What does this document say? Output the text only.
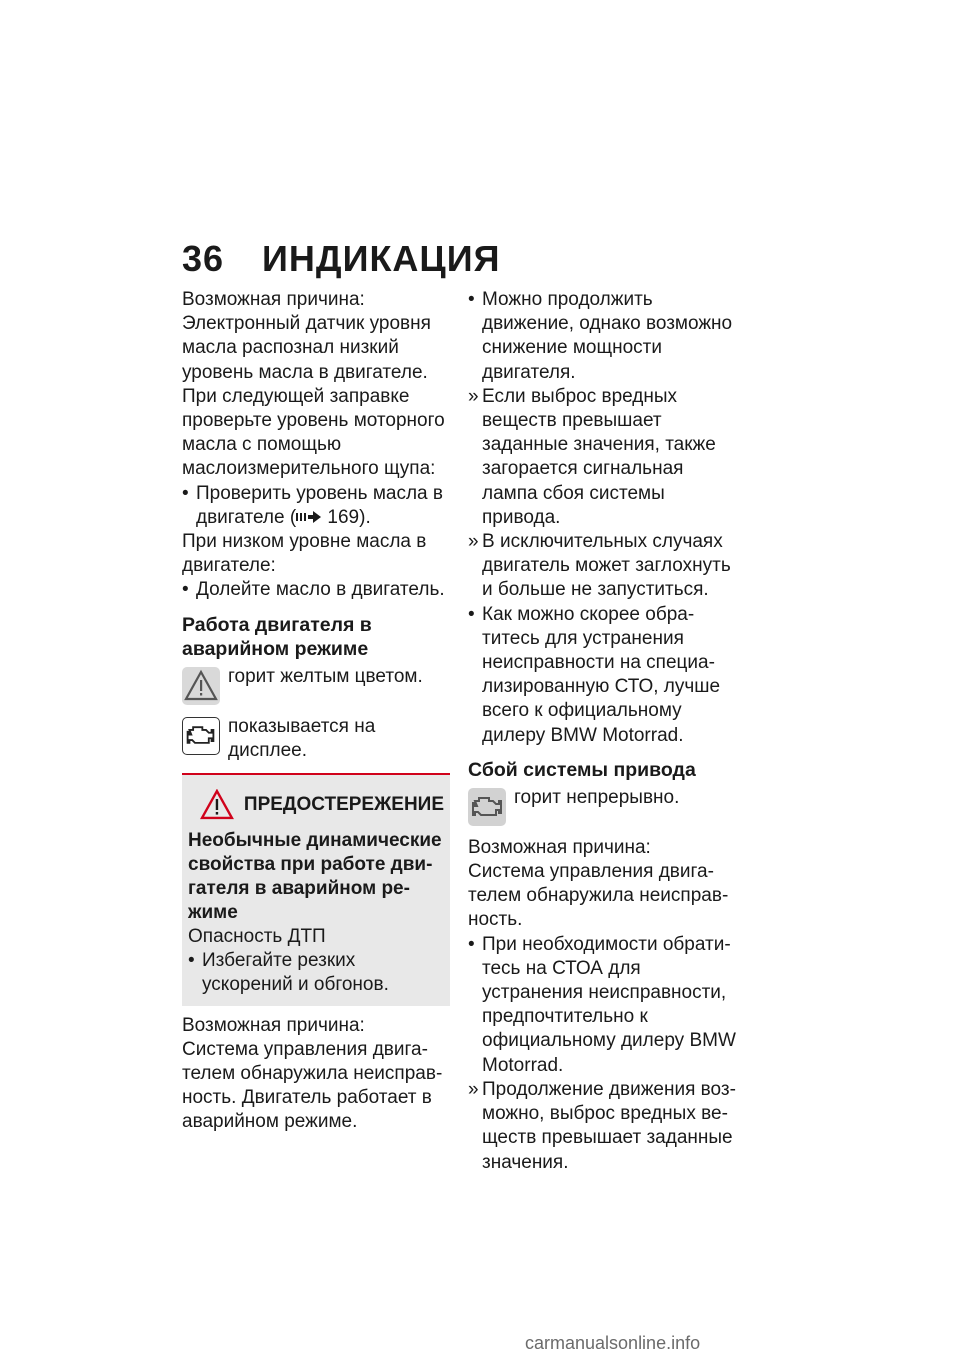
36 ИНДИКАЦИЯ

Возможная причина:

Электронный датчик уровня масла распознал низкий уровень масла в двигателе.

При следующей заправке проверьте уровень моторного масла с помощью маслоизмерительного щупа:

• Проверить уровень масла в двигателе ( 169).

При низком уровне масла в двигателе:

• Долейте масло в двигатель.
Работа двигателя в аварийном режиме
горит желтым цветом.
показывается на дисплее.
ПРЕДОСТЕРЕЖЕНИЕ
Необычные динамические свойства при работе двигателя в аварийном режиме

Опасность ДТП

• Избегайте резких ускорений и обгонов.

Возможная причина:

Система управления двигателем обнаружила неисправность. Двигатель работает в аварийном режиме.

• Можно продолжить движение, однако возможно снижение мощности двигателя.
» Если выброс вредных веществ превышает заданные значения, также загорается сигнальная лампа сбоя системы привода.
» В исключительных случаях двигатель может заглохнуть и больше не запуститься.
• Как можно скорее обратитесь для устранения неисправности на специализированную СТО, лучше всего к официальному дилеру BMW Motorrad.
Сбой системы привода
горит непрерывно.

Возможная причина:

Система управления двигателем обнаружила неисправность.

• При необходимости обратитесь на СТОА для устранения неисправности, предпочтительно к официальному дилеру BMW Motorrad.
» Продолжение движения возможно, выброс вредных веществ превышает заданные значения.
carmanualsonline.info
